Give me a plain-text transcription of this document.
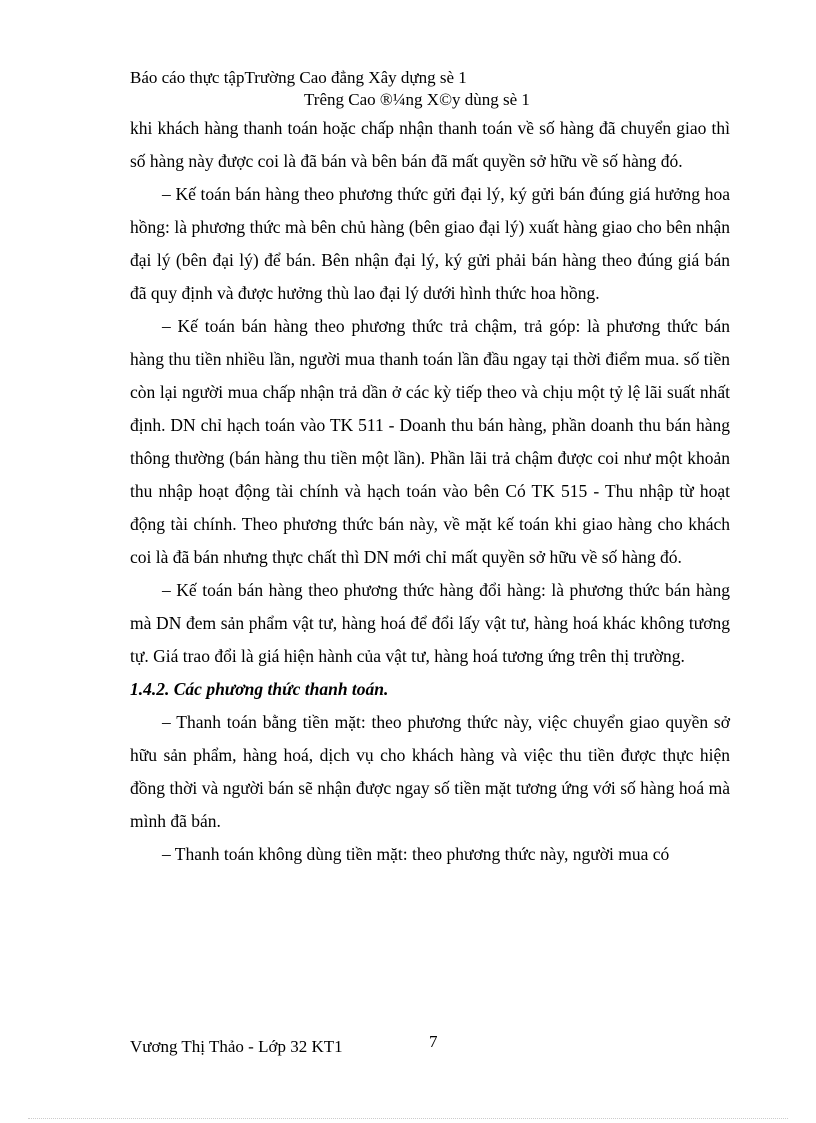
Báo cáo thực tậpTrường Cao đẳng Xây dựng sè 1
Trêng Cao ®¼ng X©y dùng sè 1

khi khách hàng thanh toán hoặc chấp nhận thanh toán về số hàng đã chuyển giao thì số hàng này được coi là đã bán và bên bán đã mất quyền sở hữu về số hàng đó.

– Kế toán bán hàng theo phương thức gửi đại lý, ký gửi bán đúng giá hưởng hoa hồng: là phương thức mà bên chủ hàng (bên giao đại lý) xuất hàng giao cho bên nhận đại lý (bên đại lý) để bán. Bên nhận đại lý, ký gửi phải bán hàng theo đúng giá bán đã quy định và được hưởng thù lao đại lý dưới hình thức hoa hồng.

– Kế toán bán hàng theo phương thức trả chậm, trả góp: là phương thức bán hàng thu tiền nhiều lần, người mua thanh toán lần đầu ngay tại thời điểm mua. số tiền còn lại người mua chấp nhận trả dần ở các kỳ tiếp theo và chịu một tỷ lệ lãi suất nhất định. DN chỉ hạch toán vào TK 511 - Doanh thu bán hàng, phần doanh thu bán hàng thông thường (bán hàng thu tiền một lần). Phần lãi trả chậm được coi như một khoản thu nhập hoạt động tài chính và hạch toán vào bên Có TK 515 - Thu nhập từ hoạt động tài chính. Theo phương thức bán này, về mặt kế toán khi giao hàng cho khách coi là đã bán nhưng thực chất thì DN mới chỉ mất quyền sở hữu về số hàng đó.

– Kế toán bán hàng theo phương thức hàng đổi hàng: là phương thức bán hàng mà DN đem sản phẩm vật tư, hàng hoá để đổi lấy vật tư, hàng hoá khác không tương tự. Giá trao đổi là giá hiện hành của vật tư, hàng hoá tương ứng trên thị trường.

1.4.2. Các phương thức thanh toán.

– Thanh toán bằng tiền mặt: theo phương thức này, việc chuyển giao quyền sở hữu sản phẩm, hàng hoá, dịch vụ cho khách hàng và việc thu tiền được thực hiện đồng thời và người bán sẽ nhận được ngay số tiền mặt tương ứng với số hàng hoá mà mình đã bán.

– Thanh toán không dùng tiền mặt: theo phương thức này, người mua có

Vương Thị Thảo - Lớp 32 KT1	7
